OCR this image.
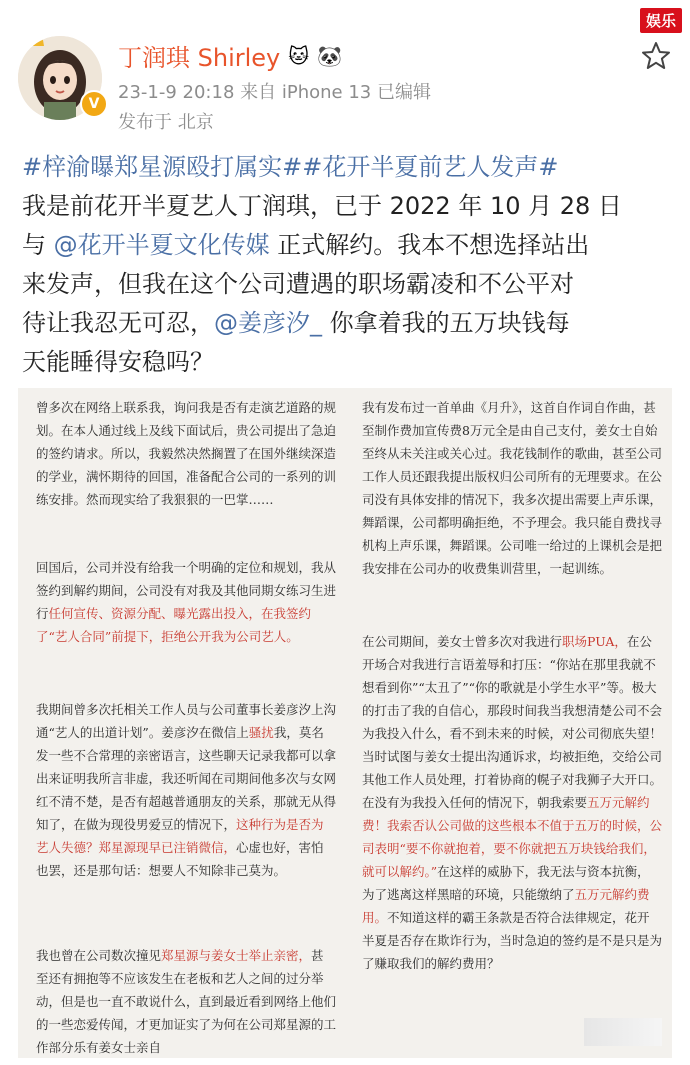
娱乐
V
丁润琪 Shirley 🐱 🐼
23-1-9 20:18 来自 iPhone 13 已编辑
发布于 北京
#梓渝曝郑星源殴打属实##花开半夏前艺人发声#
我是前花开半夏艺人丁润琪，已于 2022 年 10 月 28 日
与 @花开半夏文化传媒 正式解约。我本不想选择站出
来发声，但我在这个公司遭遇的职场霸凌和不公平对
待让我忍无可忍，@姜彦汐_ 你拿着我的五万块钱每
天能睡得安稳吗？
曾多次在网络上联系我，询问我是否有走演艺道路的规划。在本人通过线上及线下面试后，贵公司提出了急迫的签约请求。所以，我毅然决然搁置了在国外继续深造的学业，满怀期待的回国，准备配合公司的一系列的训练安排。然而现实给了我狠狠的一巴掌……
回国后，公司并没有给我一个明确的定位和规划，我从签约到解约期间，公司没有对我及其他同期女练习生进行任何宣传、资源分配、曝光露出投入，在我签约了“艺人合同”前提下，拒绝公开我为公司艺人。
我期间曾多次托相关工作人员与公司董事长姜彦汐上沟通“艺人的出道计划”。姜彦汐在微信上骚扰我，莫名发一些不合常理的亲密语言，这些聊天记录我都可以拿出来证明我所言非虚，我还听闻在司期间他多次与女网红不清不楚，是否有超越普通朋友的关系，那就无从得知了，在做为现役男爱豆的情况下，这种行为是否为艺人失德？郑星源现早已注销微信，心虚也好，害怕也罢，还是那句话：想要人不知除非己莫为。
我也曾在公司数次撞见郑星源与姜女士举止亲密，甚至还有拥抱等不应该发生在老板和艺人之间的过分举动，但是也一直不敢说什么，直到最近看到网络上他们的一些恋爱传闻，才更加证实了为何在公司郑星源的工作部分乐有姜女士亲自
我有发布过一首单曲《月升》，这首自作词自作曲，甚至制作费加宣传费8万元全是由自己支付，姜女士自始至终从未关注或关心过。我花钱制作的歌曲，甚至公司工作人员还跟我提出版权归公司所有的无理要求。在公司没有具体安排的情况下，我多次提出需要上声乐课，舞蹈课，公司都明确拒绝，不予理会。我只能自费找寻机构上声乐课，舞蹈课。公司唯一给过的上课机会是把我安排在公司办的收费集训营里，一起训练。
在公司期间，姜女士曾多次对我进行职场PUA，在公开场合对我进行言语羞辱和打压：“你站在那里我就不想看到你”“太丑了”“你的歌就是小学生水平”等。极大的打击了我的自信心，那段时间我当我想清楚公司不会为我投入什么，看不到未来的时候，对公司彻底失望！当时试图与姜女士提出沟通诉求，均被拒绝，交给公司其他工作人员处理，打着协商的幌子对我狮子大开口。在没有为我投入任何的情况下，朝我索要五万元解约费！我索否认公司做的这些根本不值于五万的时候，公司表明“要不你就抱着，要不你就把五万块钱给我们，就可以解约。”在这样的威胁下，我无法与资本抗衡，为了逃离这样黑暗的环境，只能缴纳了五万元解约费用。不知道这样的霸王条款是否符合法律规定，花开半夏是否存在欺诈行为，当时急迫的签约是不是只是为了赚取我们的解约费用？
